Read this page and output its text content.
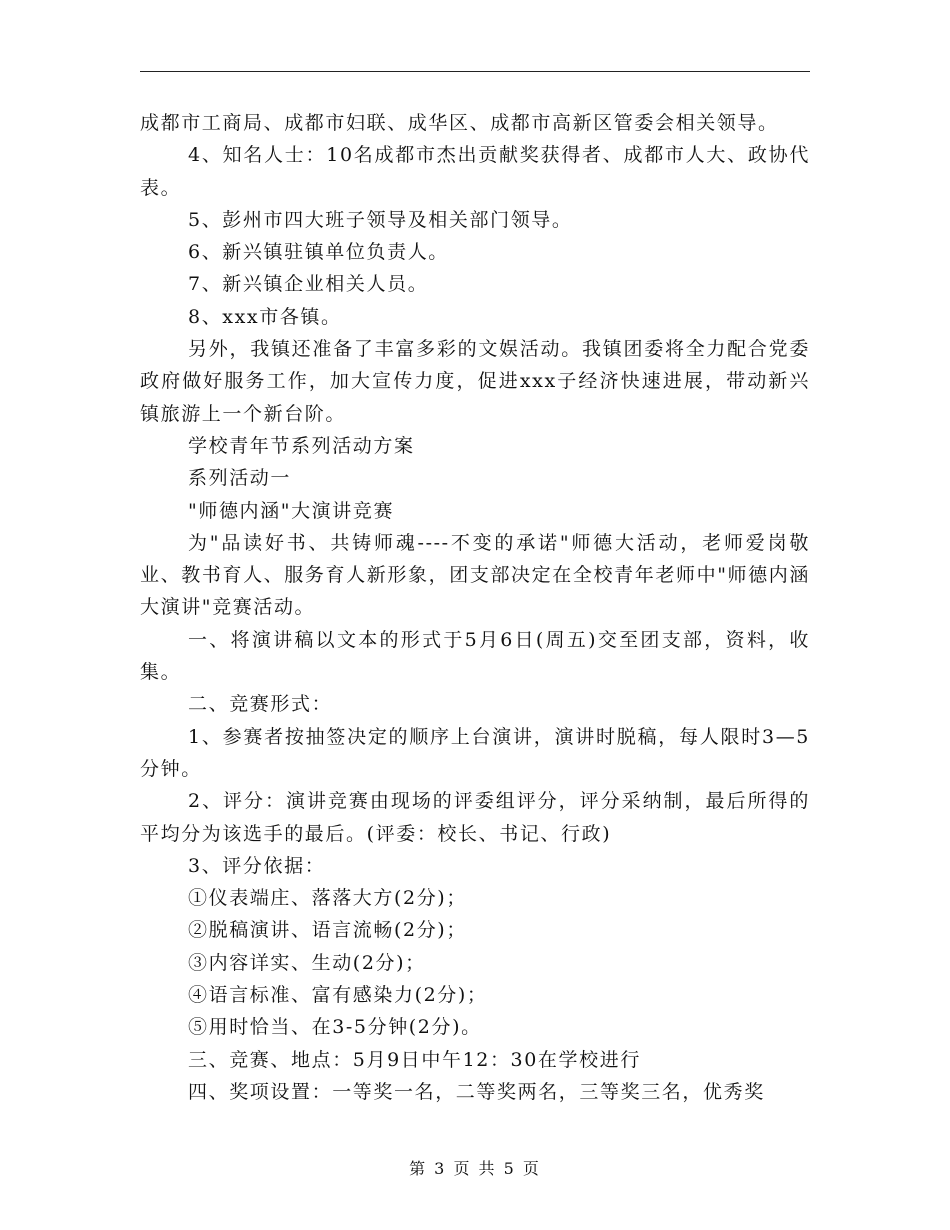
成都市工商局、成都市妇联、成华区、成都市高新区管委会相关领导。

4、知名人士：10名成都市杰出贡献奖获得者、成都市人大、政协代表。

5、彭州市四大班子领导及相关部门领导。

6、新兴镇驻镇单位负责人。

7、新兴镇企业相关人员。

8、xxx市各镇。

另外，我镇还准备了丰富多彩的文娱活动。我镇团委将全力配合党委政府做好服务工作，加大宣传力度，促进xxx子经济快速进展，带动新兴镇旅游上一个新台阶。

学校青年节系列活动方案

系列活动一

"师德内涵"大演讲竞赛

为"品读好书、共铸师魂----不变的承诺"师德大活动，老师爱岗敬业、教书育人、服务育人新形象，团支部决定在全校青年老师中"师德内涵大演讲"竞赛活动。

一、将演讲稿以文本的形式于5月6日(周五)交至团支部，资料，收集。

二、竞赛形式：

1、参赛者按抽签决定的顺序上台演讲，演讲时脱稿，每人限时3—5分钟。

2、评分：演讲竞赛由现场的评委组评分，评分采纳制，最后所得的平均分为该选手的最后。(评委：校长、书记、行政)

3、评分依据：

①仪表端庄、落落大方(2分)；

②脱稿演讲、语言流畅(2分)；

③内容详实、生动(2分)；

④语言标准、富有感染力(2分)；

⑤用时恰当、在3-5分钟(2分)。

三、竞赛、地点：5月9日中午12：30在学校进行

四、奖项设置：一等奖一名，二等奖两名，三等奖三名，优秀奖

第 3 页 共 5 页
